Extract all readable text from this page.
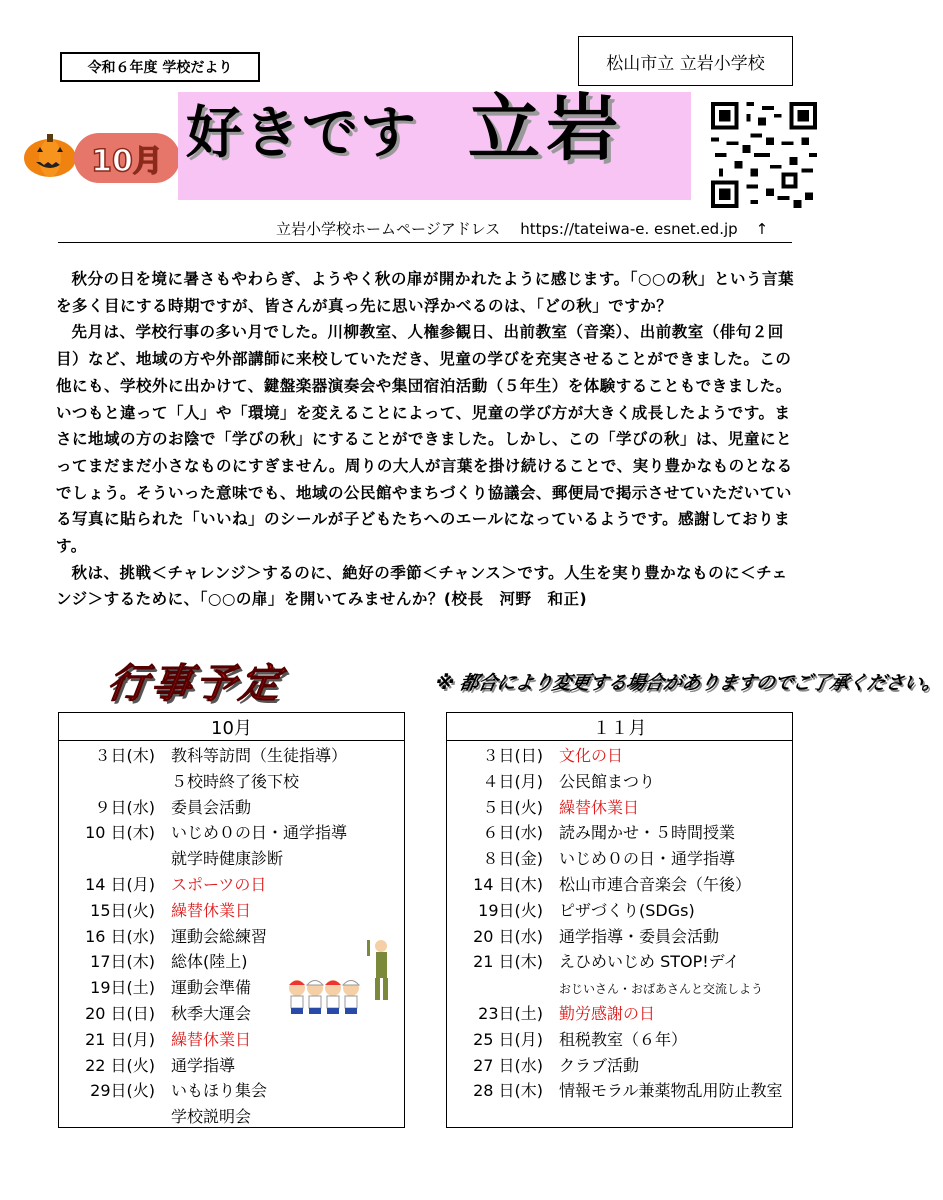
令和６年度 学校だより	松山市立 立岩小学校
10月 好きです 立岩
立岩小学校ホームページアドレス https://tateiwa-e. esnet.ed.jp ↑

秋分の日を境に暑さもやわらぎ、ようやく秋の扉が開かれたように感じます。「○○の秋」という言葉を多く目にする時期ですが、皆さんが真っ先に思い浮かべるのは、「どの秋」ですか？

先月は、学校行事の多い月でした。川柳教室、人権参観日、出前教室（音楽）、出前教室（俳句２回目）など、地域の方や外部講師に来校していただき、児童の学びを充実させることができました。この他にも、学校外に出かけて、鍵盤楽器演奏会や集団宿泊活動（５年生）を体験することもできました。いつもと違って「人」や「環境」を変えることによって、児童の学び方が大きく成長したようです。まさに地域の方のお陰で「学びの秋」にすることができました。しかし、この「学びの秋」は、児童にとってまだまだ小さなものにすぎません。周りの大人が言葉を掛け続けることで、実り豊かなものとなるでしょう。そういった意味でも、地域の公民館やまちづくり協議会、郵便局で掲示させていただいている写真に貼られた「いいね」のシールが子どもたちへのエールになっているようです。感謝しております。

秋は、挑戦＜チャレンジ＞するのに、絶好の季節＜チャンス＞です。人生を実り豊かなものに＜チェンジ＞するために、「○○の扉」を開いてみませんか？(校長　河野　和正)

行事予定	※ 都合により変更する場合がありますのでご了承ください。
10月
３日(木) 教科等訪問（生徒指導）
５校時終了後下校
９日(水) 委員会活動
10 日(木) いじめ０の日・通学指導
就学時健康診断
14 日(月) スポーツの日
15日(火) 繰替休業日
16 日(水) 運動会総練習
17日(木) 総体(陸上)
19日(土) 運動会準備
20 日(日) 秋季大運会
21 日(月) 繰替休業日
22 日(火) 通学指導
29日(火) いもほり集会
学校説明会
１１月
３日(日) 文化の日
４日(月) 公民館まつり
５日(火) 繰替休業日
６日(水) 読み聞かせ・５時間授業
８日(金) いじめ０の日・通学指導
14 日(木) 松山市連合音楽会（午後）
19日(火) ピザづくり(SDGs)
20 日(水) 通学指導・委員会活動
21 日(木) えひめいじめ STOP!デイ
おじいさん・おばあさんと交流しよう
23日(土) 勤労感謝の日
25 日(月) 租税教室（６年）
27 日(水) クラブ活動
28 日(木) 情報モラル兼薬物乱用防止教室
